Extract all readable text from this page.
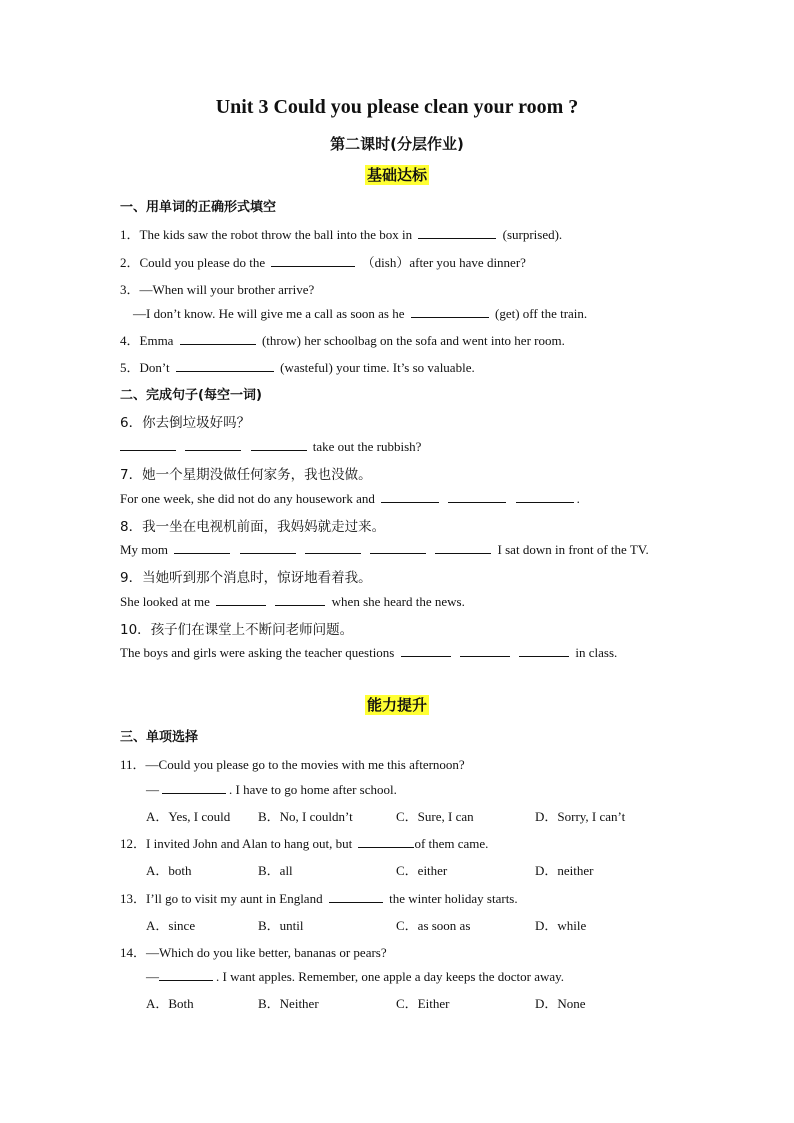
Unit 3 Could you please clean your room ?
第二课时(分层作业)
基础达标
一、用单词的正确形式填空
1．The kids saw the robot throw the ball into the box in	(surprised).
2．Could you please do the	（dish）after you have dinner?
3．—When will your brother arrive?
—I don’t know. He will give me a call as soon as he	(get) off the train.
4．Emma	(throw) her schoolbag on the sofa and went into her room.
5．Don’t	(wasteful) your time. It’s so valuable.
二、完成句子(每空一词)
6．你去倒垃圾好吗？
take out the rubbish?
7．她一个星期没做任何家务，我也没做。
For one week, she did not do any housework and	.
8．我一坐在电视机前面，我妈妈就走过来。
My mom	I sat down in front of the TV.
9．当她听到那个消息时，惊讶地看着我。
She looked at me	when she heard the news.
10．孩子们在课堂上不断问老师问题。
The boys and girls were asking the teacher questions	in class.
能力提升
三、单项选择
11．—Could you please go to the movies with me this afternoon?
—	. I have to go home after school.
A．Yes, I could B．No, I couldn’t	C．Sure, I can	D．Sorry, I can’t
12．I invited John and Alan to hang out, but	of them came.
A．both	B．all	C．either	D．neither
13．I’ll go to visit my aunt in England	the winter holiday starts.
A．since	B．until	C．as soon as	D．while
14．—Which do you like better, bananas or pears?
—	. I want apples. Remember, one apple a day keeps the doctor away.
A．Both	B．Neither	C．Either	D．None
